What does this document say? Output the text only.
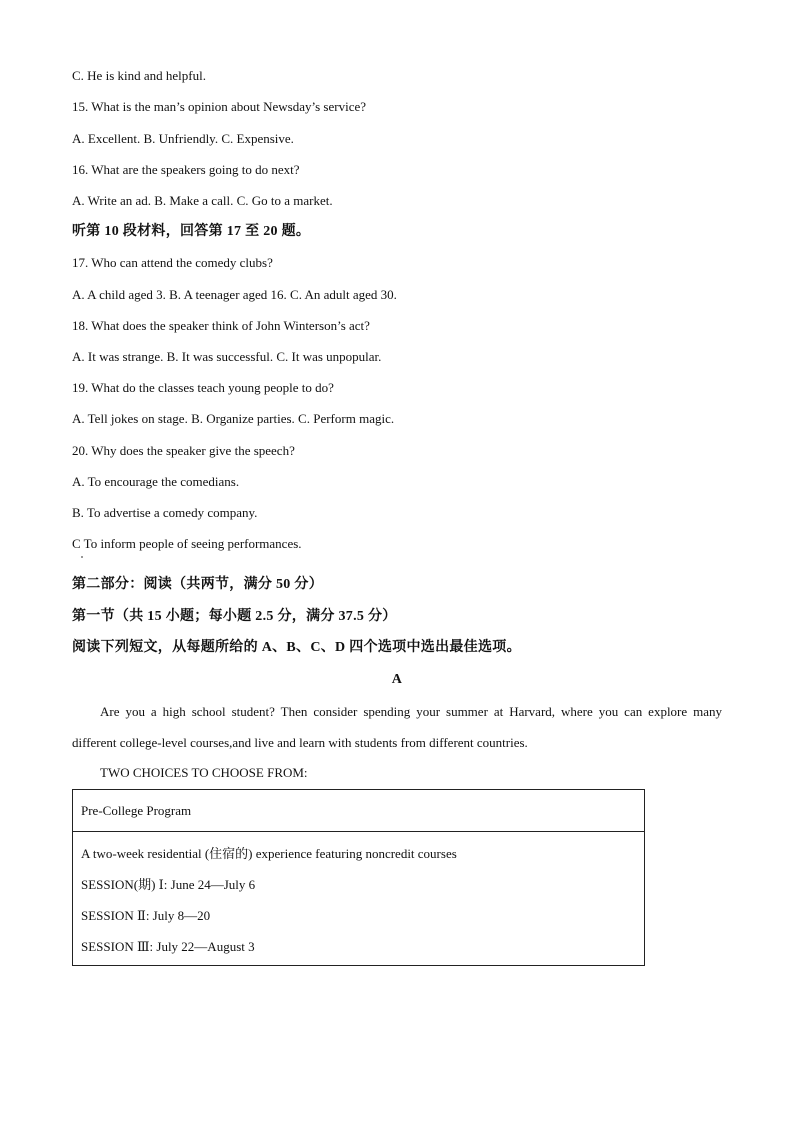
C. He is kind and helpful.
15. What is the man’s opinion about Newsday’s service?
A. Excellent. B. Unfriendly. C. Expensive.
16. What are the speakers going to do next?
A. Write an ad. B. Make a call. C. Go to a market.
听第 10 段材料，回答第 17 至 20 题。
17. Who can attend the comedy clubs?
A. A child aged 3. B. A teenager aged 16. C. An adult aged 30.
18. What does the speaker think of John Winterson’s act?
A. It was strange. B. It was successful. C. It was unpopular.
19. What do the classes teach young people to do?
A. Tell jokes on stage. B. Organize parties. C. Perform magic.
20. Why does the speaker give the speech?
A. To encourage the comedians.
B. To advertise a comedy company.
C To inform people of seeing performances.
第二部分：阅读（共两节，满分 50 分）
第一节（共 15 小题；每小题 2.5 分，满分 37.5 分）
阅读下列短文，从每题所给的 A、B、C、D 四个选项中选出最佳选项。
A
Are you a high school student? Then consider spending your summer at Harvard, where you can explore many different college-level courses,and live and learn with students from different countries.
TWO CHOICES TO CHOOSE FROM:
Pre-College Program
A two-week residential (住宿的) experience featuring noncredit courses
SESSION(期) Ⅰ: June 24—July 6
SESSION Ⅱ: July 8—20
SESSION Ⅲ: July 22—August 3
